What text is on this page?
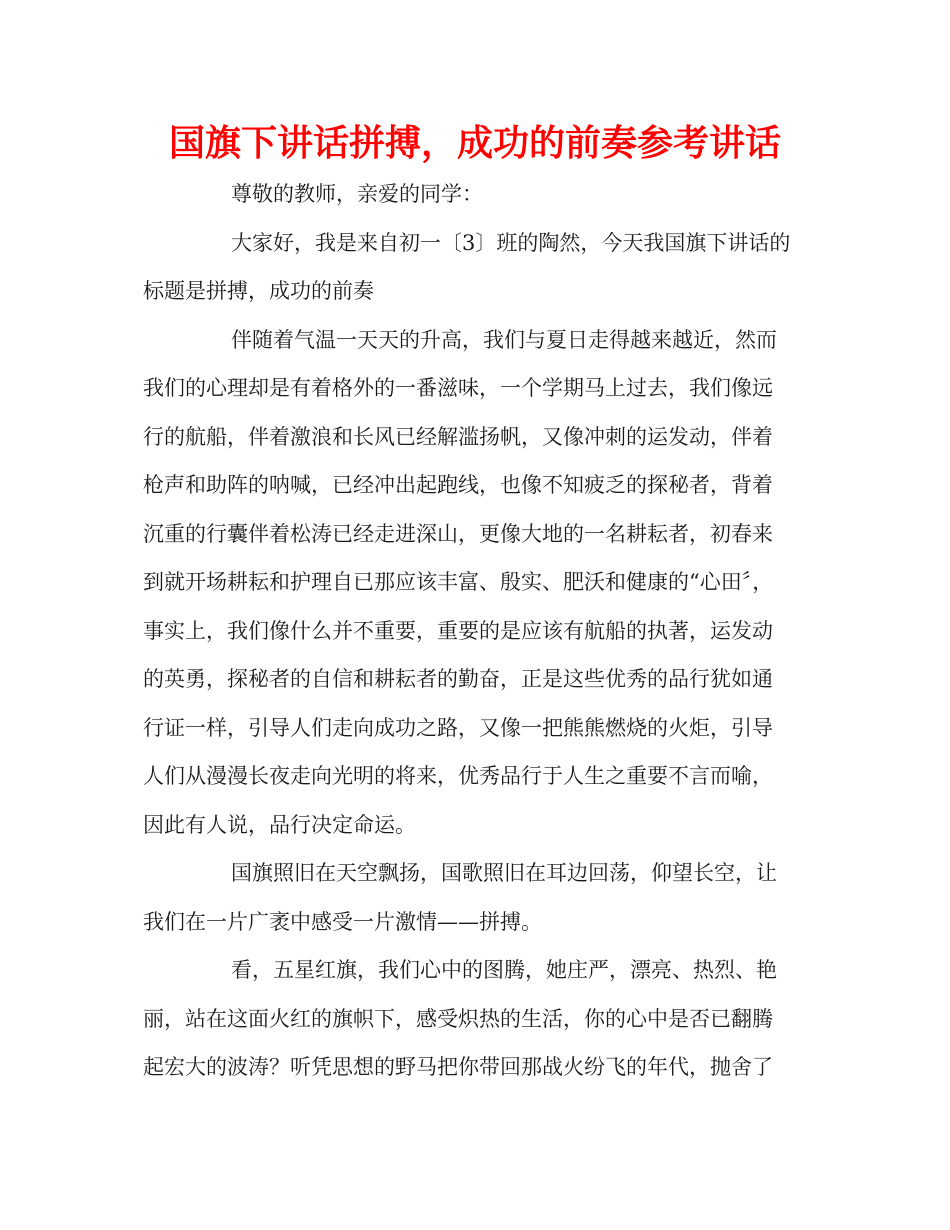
国旗下讲话拼搏，成功的前奏参考讲话
尊敬的教师，亲爱的同学：
大家好，我是来自初一〔3〕班的陶然，今天我国旗下讲话的
标题是拼搏，成功的前奏
伴随着气温一天天的升高，我们与夏日走得越来越近，然而
我们的心理却是有着格外的一番滋味，一个学期马上过去，我们像远
行的航船，伴着激浪和长风已经解滥扬帆，又像冲刺的运发动，伴着
枪声和助阵的呐喊，已经冲出起跑线，也像不知疲乏的探秘者，背着
沉重的行囊伴着松涛已经走进深山，更像大地的一名耕耘者，初春来
到就开场耕耘和护理自已那应该丰富、殷实、肥沃和健康的“心田〞，
事实上，我们像什么并不重要，重要的是应该有航船的执著，运发动
的英勇，探秘者的自信和耕耘者的勤奋，正是这些优秀的品行犹如通
行证一样，引导人们走向成功之路，又像一把熊熊燃烧的火炬，引导
人们从漫漫长夜走向光明的将来，优秀品行于人生之重要不言而喻，
因此有人说，品行决定命运。
国旗照旧在天空飘扬，国歌照旧在耳边回荡，仰望长空，让
我们在一片广袤中感受一片激情——拼搏。
看，五星红旗，我们心中的图腾，她庄严，漂亮、热烈、艳
丽，站在这面火红的旗帜下，感受炽热的生活，你的心中是否已翻腾
起宏大的波涛？听凭思想的野马把你带回那战火纷飞的年代，抛舍了
